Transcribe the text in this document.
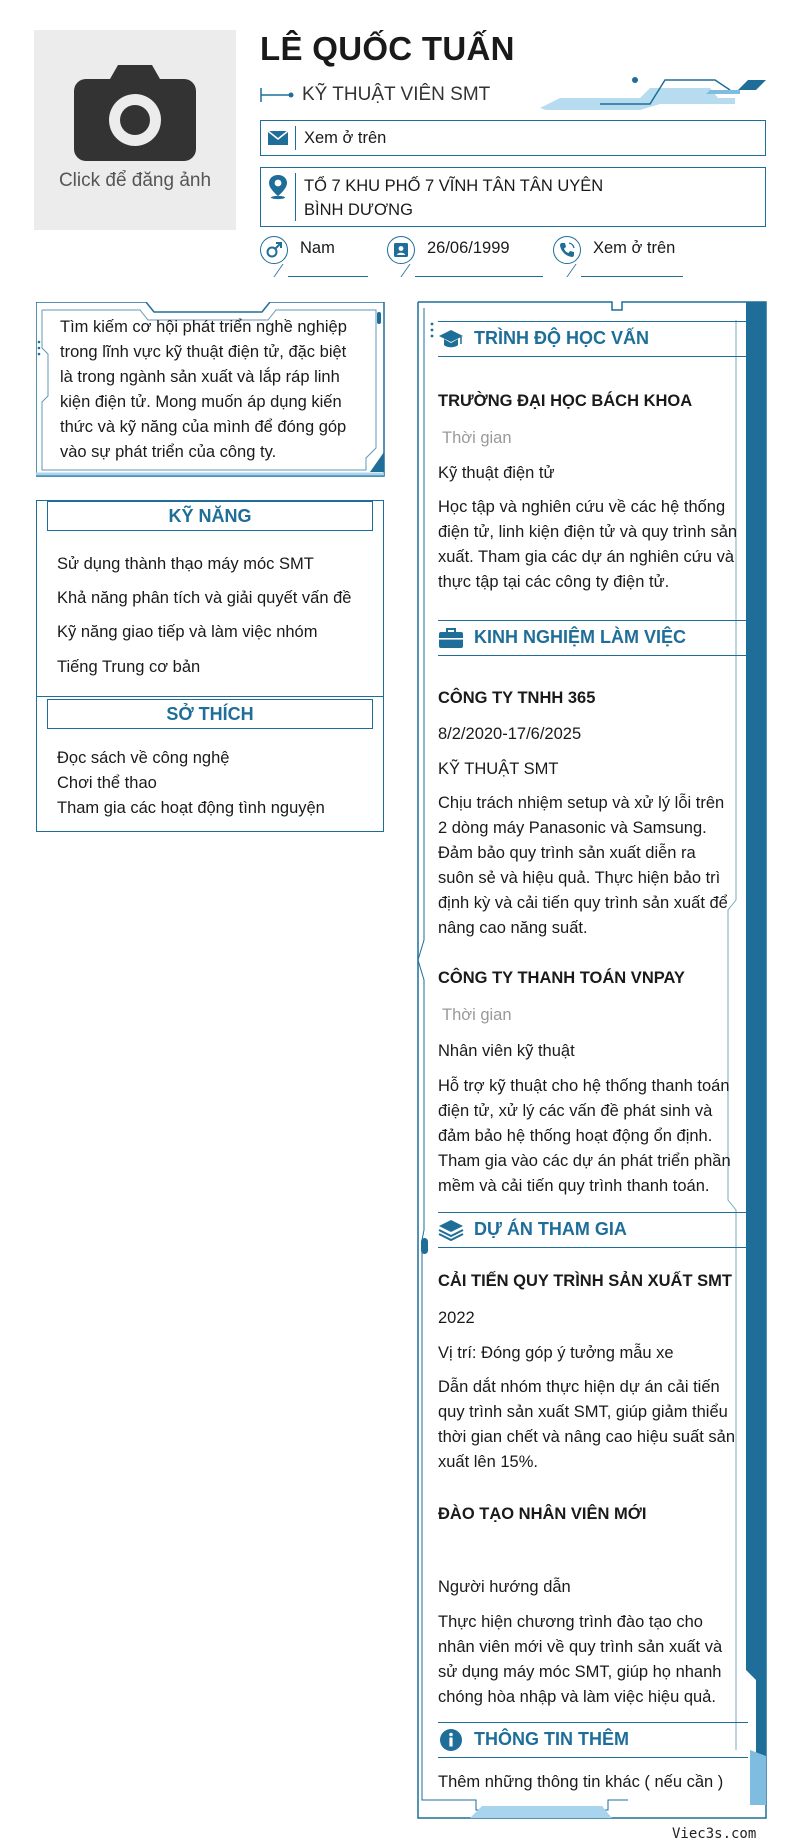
Click để đăng ảnh
LÊ QUỐC TUẤN
KỸ THUẬT VIÊN SMT
Xem ở trên
TỔ 7 KHU PHỐ 7 VĨNH TÂN TÂN UYÊN
BÌNH DƯƠNG
Nam	26/06/1999	Xem ở trên
Tìm kiếm cơ hội phát triển nghề nghiệp
trong lĩnh vực kỹ thuật điện tử, đặc biệt
là trong ngành sản xuất và lắp ráp linh
kiện điện tử. Mong muốn áp dụng kiến
thức và kỹ năng của mình để đóng góp
vào sự phát triển của công ty.
KỸ NĂNG
Sử dụng thành thạo máy móc SMT
Khả năng phân tích và giải quyết vấn đề
Kỹ năng giao tiếp và làm việc nhóm
Tiếng Trung cơ bản
SỞ THÍCH
Đọc sách về công nghệ
Chơi thể thao
Tham gia các hoạt động tình nguyện
TRÌNH ĐỘ HỌC VẤN
TRƯỜNG ĐẠI HỌC BÁCH KHOA
Thời gian
Kỹ thuật điện tử
Học tập và nghiên cứu về các hệ thống
điện tử, linh kiện điện tử và quy trình sản
xuất. Tham gia các dự án nghiên cứu và
thực tập tại các công ty điện tử.
KINH NGHIỆM LÀM VIỆC
CÔNG TY TNHH 365
8/2/2020-17/6/2025
KỸ THUẬT SMT
Chịu trách nhiệm setup và xử lý lỗi trên
2 dòng máy Panasonic và Samsung.
Đảm bảo quy trình sản xuất diễn ra
suôn sẻ và hiệu quả. Thực hiện bảo trì
định kỳ và cải tiến quy trình sản xuất để
nâng cao năng suất.
CÔNG TY THANH TOÁN VNPAY
Thời gian
Nhân viên kỹ thuật
Hỗ trợ kỹ thuật cho hệ thống thanh toán
điện tử, xử lý các vấn đề phát sinh và
đảm bảo hệ thống hoạt động ổn định.
Tham gia vào các dự án phát triển phần
mềm và cải tiến quy trình thanh toán.
DỰ ÁN THAM GIA
CẢI TIẾN QUY TRÌNH SẢN XUẤT SMT
2022
Vị trí: Đóng góp ý tưởng mẫu xe
Dẫn dắt nhóm thực hiện dự án cải tiến
quy trình sản xuất SMT, giúp giảm thiểu
thời gian chết và nâng cao hiệu suất sản
xuất lên 15%.
ĐÀO TẠO NHÂN VIÊN MỚI
Người hướng dẫn
Thực hiện chương trình đào tạo cho
nhân viên mới về quy trình sản xuất và
sử dụng máy móc SMT, giúp họ nhanh
chóng hòa nhập và làm việc hiệu quả.
THÔNG TIN THÊM
Thêm những thông tin khác ( nếu cần )
Viec3s.com
